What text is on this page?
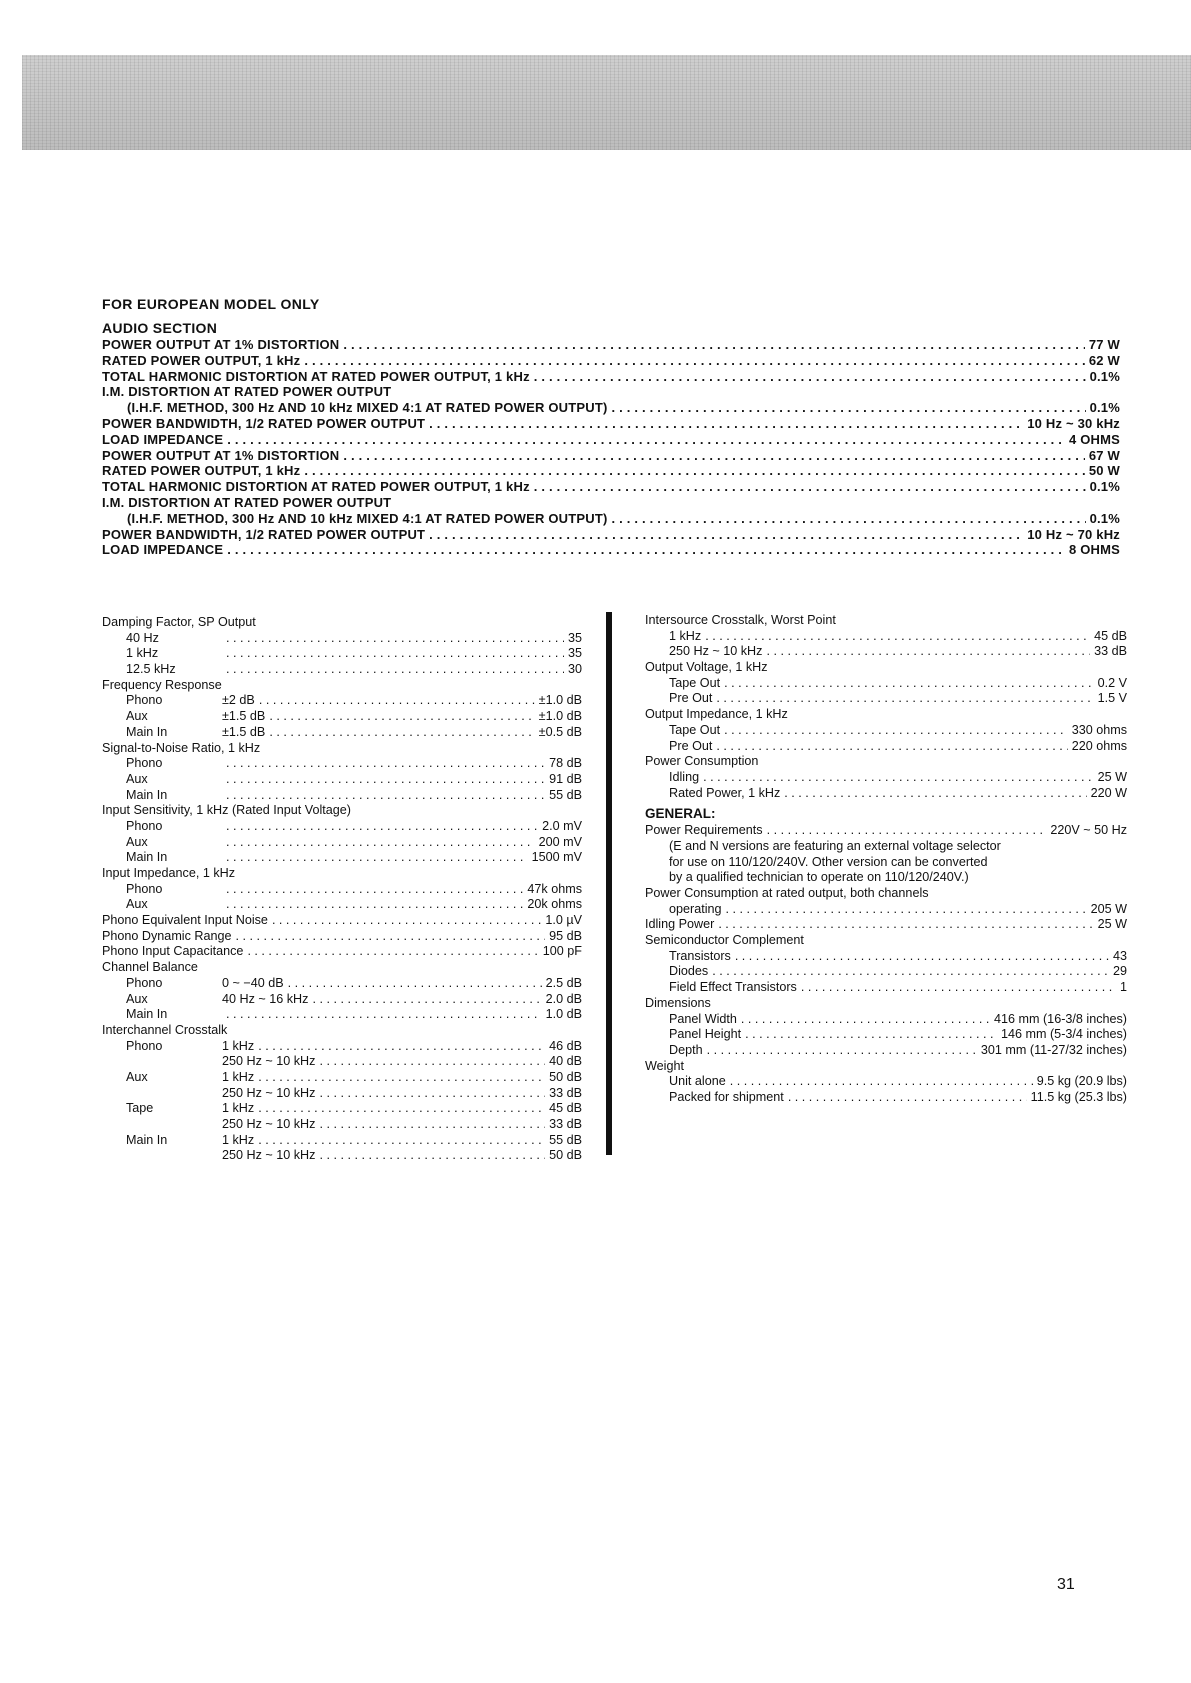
FOR EUROPEAN MODEL ONLY
AUDIO SECTION
POWER OUTPUT AT 1% DISTORTION . . .	77 W
RATED POWER OUTPUT, 1 kHz . . .	62 W
TOTAL HARMONIC DISTORTION AT RATED POWER OUTPUT, 1 kHz . . .	0.1%
I.M. DISTORTION AT RATED POWER OUTPUT
(I.H.F. METHOD, 300 Hz AND 10 kHz MIXED 4:1 AT RATED POWER OUTPUT) . . .	0.1%
POWER BANDWIDTH, 1/2 RATED POWER OUTPUT . . .	10 Hz ~ 30 kHz
LOAD IMPEDANCE . . .	4 OHMS
POWER OUTPUT AT 1% DISTORTION . . .	67 W
RATED POWER OUTPUT, 1 kHz . . .	50 W
TOTAL HARMONIC DISTORTION AT RATED POWER OUTPUT, 1 kHz . . .	0.1%
I.M. DISTORTION AT RATED POWER OUTPUT
(I.H.F. METHOD, 300 Hz AND 10 kHz MIXED 4:1 AT RATED POWER OUTPUT) . . .	0.1%
POWER BANDWIDTH, 1/2 RATED POWER OUTPUT . . .	10 Hz ~ 70 kHz
LOAD IMPEDANCE . . .	8 OHMS
Damping Factor, SP Output
40 Hz . . .	35
1 kHz . . .	35
12.5 kHz . . .	30
Frequency Response
Phono	±2 dB . . .	±1.0 dB
Aux	±1.5 dB . . .	±1.0 dB
Main In	±1.5 dB . . .	±0.5 dB
Signal-to-Noise Ratio, 1 kHz
Phono . . .	78 dB
Aux . . .	91 dB
Main In . . .	55 dB
Input Sensitivity, 1 kHz (Rated Input Voltage)
Phono . . .	2.0 mV
Aux . . .	200 mV
Main In . . .	1500 mV
Input Impedance, 1 kHz
Phono . . .	47k ohms
Aux . . .	20k ohms
Phono Equivalent Input Noise . . .	1.0 µV
Phono Dynamic Range . . .	95 dB
Phono Input Capacitance . . .	100 pF
Channel Balance
Phono	0 ~ −40 dB . . .	2.5 dB
Aux	40 Hz ~ 16 kHz . . .	2.0 dB
Main In . . .	1.0 dB
Interchannel Crosstalk
Phono	1 kHz . . .	46 dB
250 Hz ~ 10 kHz . . .	40 dB
Aux	1 kHz . . .	50 dB
250 Hz ~ 10 kHz . . .	33 dB
Tape	1 kHz . . .	45 dB
250 Hz ~ 10 kHz . . .	33 dB
Main In	1 kHz . . .	55 dB
250 Hz ~ 10 kHz . . .	50 dB
Intersource Crosstalk, Worst Point
1 kHz . . .	45 dB
250 Hz ~ 10 kHz . . .	33 dB
Output Voltage, 1 kHz
Tape Out . . .	0.2 V
Pre Out . . .	1.5 V
Output Impedance, 1 kHz
Tape Out . . .	330 ohms
Pre Out . . .	220 ohms
Power Consumption
Idling . . .	25 W
Rated Power, 1 kHz . . .	220 W
GENERAL:
Power Requirements . . .	220V ~ 50 Hz
(E and N versions are featuring an external voltage selector
for use on 110/120/240V. Other version can be converted
by a qualified technician to operate on 110/120/240V.)
Power Consumption at rated output, both channels
operating . . .	205 W
Idling Power . . .	25 W
Semiconductor Complement
Transistors . . .	43
Diodes . . .	29
Field Effect Transistors . . .	1
Dimensions
Panel Width . . .	416 mm (16-3/8 inches)
Panel Height . . .	146 mm (5-3/4 inches)
Depth . . .	301 mm (11-27/32 inches)
Weight
Unit alone . . .	9.5 kg (20.9 lbs)
Packed for shipment . . .	11.5 kg (25.3 lbs)
31
